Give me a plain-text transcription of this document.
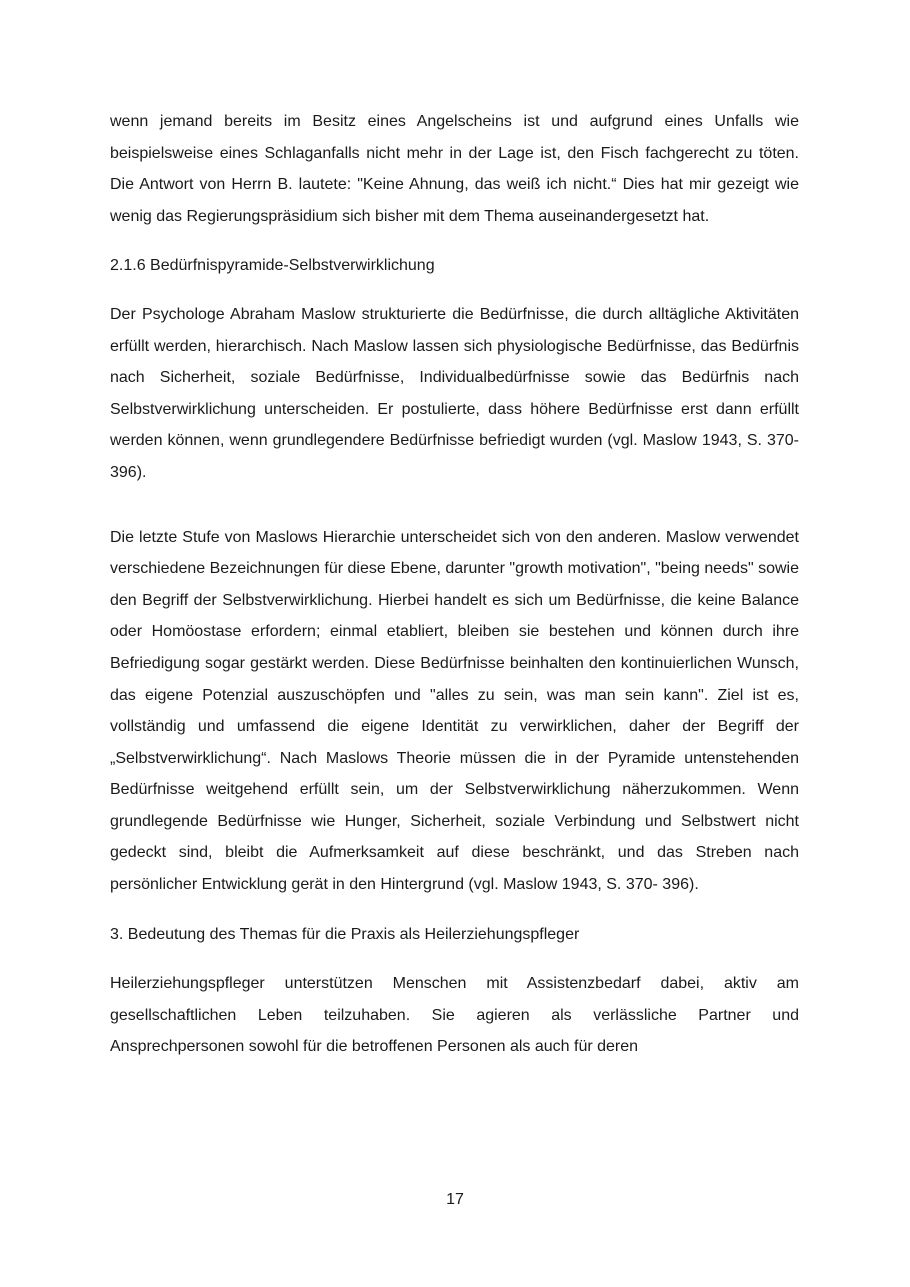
wenn jemand bereits im Besitz eines Angelscheins ist und aufgrund eines Unfalls wie beispielsweise eines Schlaganfalls nicht mehr in der Lage ist, den Fisch fachgerecht zu töten. Die Antwort von Herrn B. lautete: "Keine Ahnung, das weiß ich nicht.“ Dies hat mir gezeigt wie wenig das Regierungspräsidium sich bisher mit dem Thema auseinandergesetzt hat.

2.1.6 Bedürfnispyramide-Selbstverwirklichung

Der Psychologe Abraham Maslow strukturierte die Bedürfnisse, die durch alltägliche Aktivitäten erfüllt werden, hierarchisch. Nach Maslow lassen sich physiologische Bedürfnisse, das Bedürfnis nach Sicherheit, soziale Bedürfnisse, Individualbedürfnisse sowie das Bedürfnis nach Selbstverwirklichung unterscheiden. Er postulierte, dass höhere Bedürfnisse erst dann erfüllt werden können, wenn grundlegendere Bedürfnisse befriedigt wurden (vgl. Maslow 1943, S. 370- 396).

Die letzte Stufe von Maslows Hierarchie unterscheidet sich von den anderen. Maslow verwendet verschiedene Bezeichnungen für diese Ebene, darunter "growth motivation", "being needs" sowie den Begriff der Selbstverwirklichung. Hierbei handelt es sich um Bedürfnisse, die keine Balance oder Homöostase erfordern; einmal etabliert, bleiben sie bestehen und können durch ihre Befriedigung sogar gestärkt werden. Diese Bedürfnisse beinhalten den kontinuierlichen Wunsch, das eigene Potenzial auszuschöpfen und "alles zu sein, was man sein kann". Ziel ist es, vollständig und umfassend die eigene Identität zu verwirklichen, daher der Begriff der „Selbstverwirklichung“. Nach Maslows Theorie müssen die in der Pyramide untenstehenden Bedürfnisse weitgehend erfüllt sein, um der Selbstverwirklichung näherzukommen. Wenn grundlegende Bedürfnisse wie Hunger, Sicherheit, soziale Verbindung und Selbstwert nicht gedeckt sind, bleibt die Aufmerksamkeit auf diese beschränkt, und das Streben nach persönlicher Entwicklung gerät in den Hintergrund (vgl. Maslow 1943, S. 370- 396).

3. Bedeutung des Themas für die Praxis als Heilerziehungspfleger

Heilerziehungspfleger unterstützen Menschen mit Assistenzbedarf dabei, aktiv am gesellschaftlichen Leben teilzuhaben. Sie agieren als verlässliche Partner und Ansprechpersonen sowohl für die betroffenen Personen als auch für deren

17
